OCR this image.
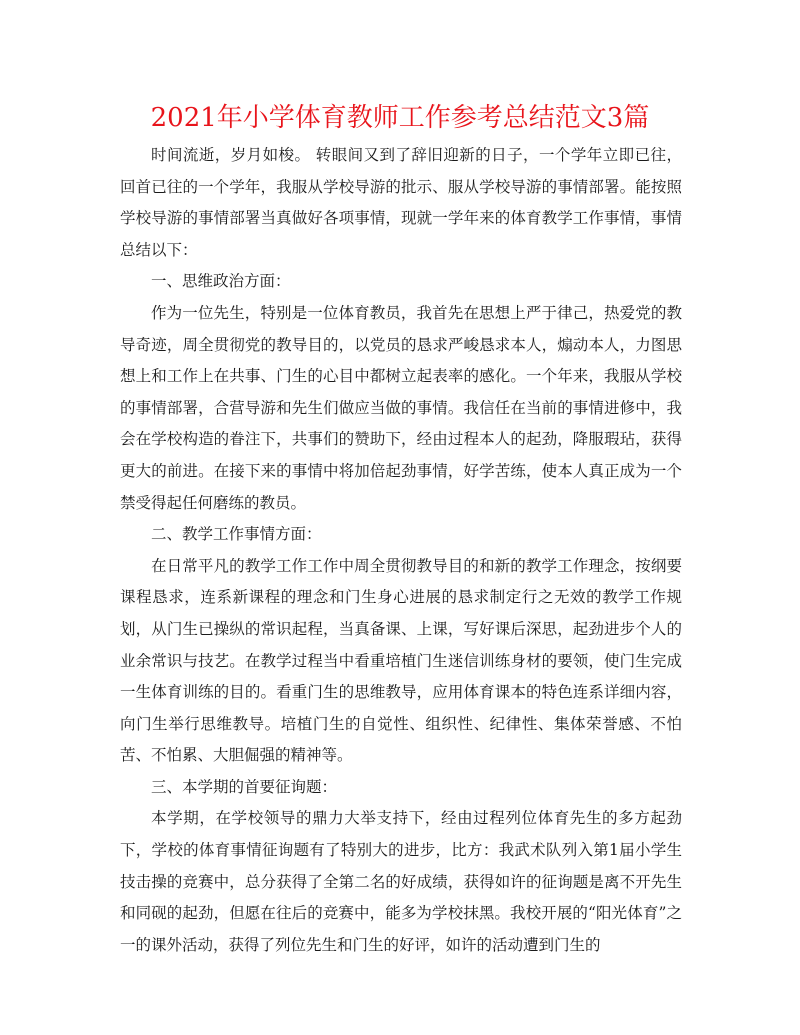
2021年小学体育教师工作参考总结范文3篇

时间流逝，岁月如梭。 转眼间又到了辞旧迎新的日子，一个学年立即已往，回首已往的一个学年，我服从学校导游的批示、服从学校导游的事情部署。能按照学校导游的事情部署当真做好各项事情，现就一学年来的体育教学工作事情，事情总结以下：

一、思维政治方面：

作为一位先生，特别是一位体育教员，我首先在思想上严于律己，热爱党的教导奇迹，周全贯彻党的教导目的，以党员的恳求严峻恳求本人，煽动本人，力图思想上和工作上在共事、门生的心目中都树立起表率的感化。一个年来，我服从学校的事情部署，合营导游和先生们做应当做的事情。我信任在当前的事情进修中，我会在学校构造的眷注下，共事们的赞助下，经由过程本人的起劲，降服瑕玷，获得更大的前进。在接下来的事情中将加倍起劲事情，好学苦练，使本人真正成为一个禁受得起任何磨练的教员。

二、教学工作事情方面：

在日常平凡的教学工作工作中周全贯彻教导目的和新的教学工作理念，按纲要课程恳求，连系新课程的理念和门生身心进展的恳求制定行之无效的教学工作规划，从门生已操纵的常识起程，当真备课、上课，写好课后深思，起劲进步个人的业余常识与技艺。在教学过程当中看重培植门生迷信训练身材的要领，使门生完成一生体育训练的目的。看重门生的思维教导，应用体育课本的特色连系详细内容，向门生举行思维教导。培植门生的自觉性、组织性、纪律性、集体荣誉感、不怕苦、不怕累、大胆倔强的精神等。

三、本学期的首要征询题：

本学期，在学校领导的鼎力大举支持下，经由过程列位体育先生的多方起劲下，学校的体育事情征询题有了特别大的进步，比方：我武术队列入第1届小学生技击操的竞赛中，总分获得了全第二名的好成绩，获得如许的征询题是离不开先生和同砚的起劲，但愿在往后的竞赛中，能多为学校抹黑。我校开展的“阳光体育”之一的课外活动，获得了列位先生和门生的好评，如许的活动遭到门生的
